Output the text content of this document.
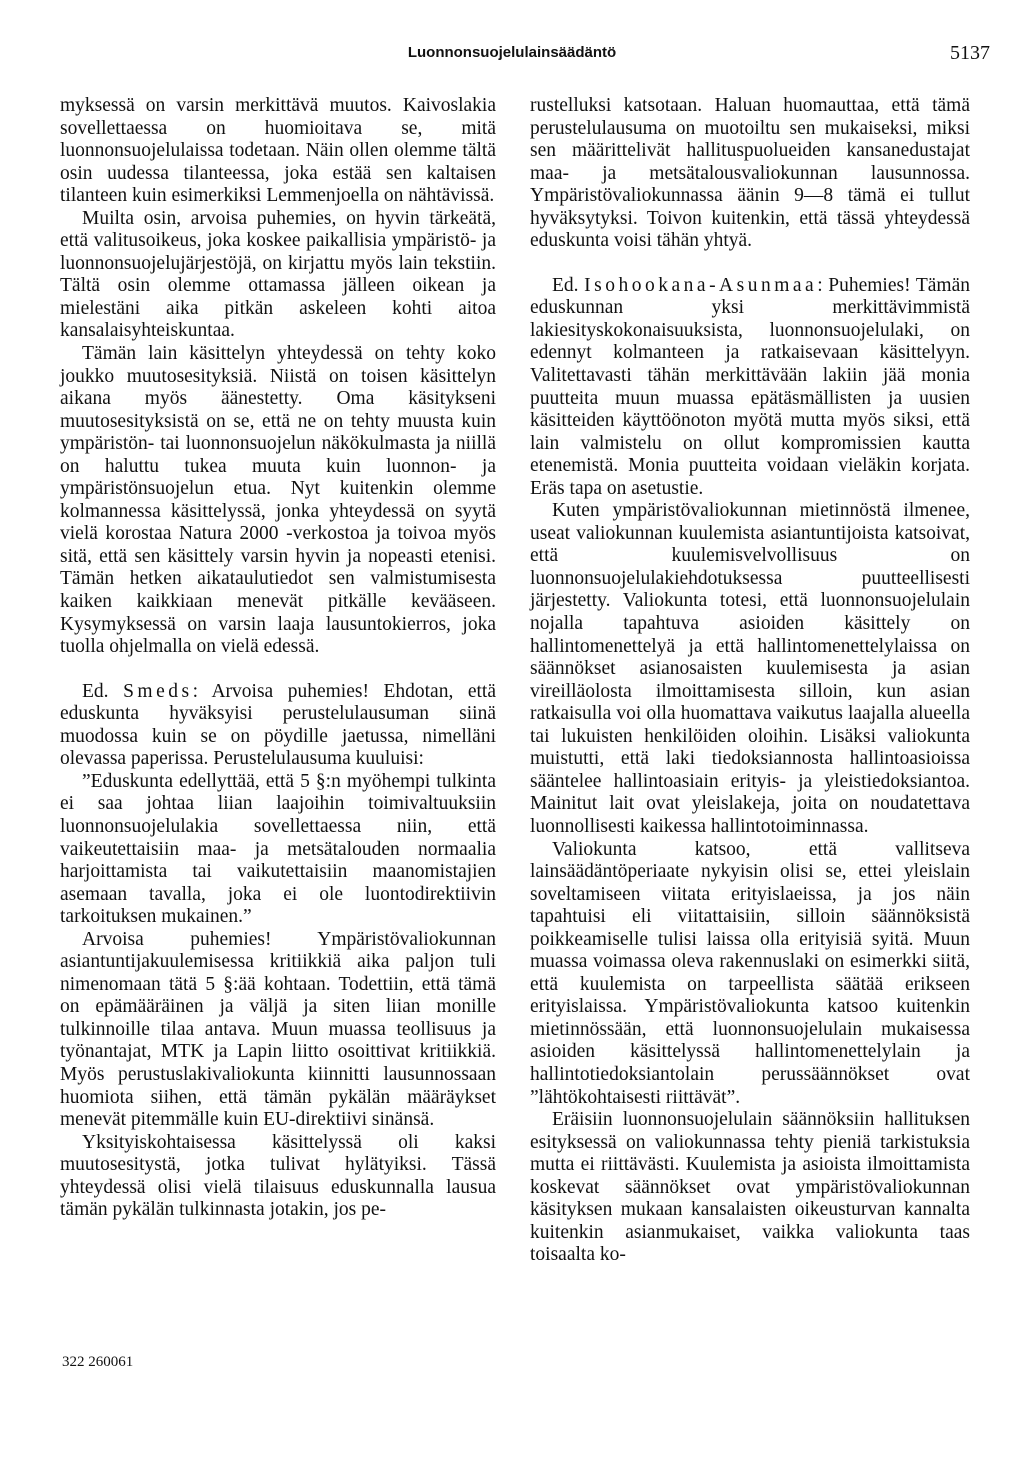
Luonnonsuojelulainsäädäntö	5137

myksessä on varsin merkittävä muutos. Kaivoslakia sovellettaessa on huomioitava se, mitä luonnonsuojelulaissa todetaan. Näin ollen olemme tältä osin uudessa tilanteessa, joka estää sen kaltaisen tilanteen kuin esimerkiksi Lemmenjoella on nähtävissä.

Muilta osin, arvoisa puhemies, on hyvin tärkeätä, että valitusoikeus, joka koskee paikallisia ympäristö- ja luonnonsuojelujärjestöjä, on kirjattu myös lain tekstiin. Tältä osin olemme ottamassa jälleen oikean ja mielestäni aika pitkän askeleen kohti aitoa kansalaisyhteiskuntaa.

Tämän lain käsittelyn yhteydessä on tehty koko joukko muutosesityksiä. Niistä on toisen käsittelyn aikana myös äänestetty. Oma käsitykseni muutosesityksistä on se, että ne on tehty muusta kuin ympäristön- tai luonnonsuojelun näkökulmasta ja niillä on haluttu tukea muuta kuin luonnon- ja ympäristönsuojelun etua. Nyt kuitenkin olemme kolmannessa käsittelyssä, jonka yhteydessä on syytä vielä korostaa Natura 2000 -verkostoa ja toivoa myös sitä, että sen käsittely varsin hyvin ja nopeasti etenisi. Tämän hetken aikataulutiedot sen valmistumisesta kaiken kaikkiaan menevät pitkälle kevääseen. Kysymyksessä on varsin laaja lausuntokierros, joka tuolla ohjelmalla on vielä edessä.

Ed. Smeds: Arvoisa puhemies! Ehdotan, että eduskunta hyväksyisi perustelulausuman siinä muodossa kuin se on pöydille jaetussa, nimelläni olevassa paperissa. Perustelulausuma kuuluisi:

”Eduskunta edellyttää, että 5 §:n myöhempi tulkinta ei saa johtaa liian laajoihin toimivaltuuksiin luonnonsuojelulakia sovellettaessa niin, että vaikeutettaisiin maa- ja metsätalouden normaalia harjoittamista tai vaikutettaisiin maanomistajien asemaan tavalla, joka ei ole luontodirektiivin tarkoituksen mukainen.”

Arvoisa puhemies! Ympäristövaliokunnan asiantuntijakuulemisessa kritiikkiä aika paljon tuli nimenomaan tätä 5 §:ää kohtaan. Todettiin, että tämä on epämääräinen ja väljä ja siten liian monille tulkinnoille tilaa antava. Muun muassa teollisuus ja työnantajat, MTK ja Lapin liitto osoittivat kritiikkiä. Myös perustuslakivaliokunta kiinnitti lausunnossaan huomiota siihen, että tämän pykälän määräykset menevät pitemmälle kuin EU-direktiivi sinänsä.

Yksityiskohtaisessa käsittelyssä oli kaksi muutosesitystä, jotka tulivat hylätyiksi. Tässä yhteydessä olisi vielä tilaisuus eduskunnalla lausua tämän pykälän tulkinnasta jotakin, jos pe-

rustelluksi katsotaan. Haluan huomauttaa, että tämä perustelulausuma on muotoiltu sen mukaiseksi, miksi sen määrittelivät hallituspuolueiden kansanedustajat maa- ja metsätalousvaliokunnan lausunnossa. Ympäristövaliokunnassa äänin 9—8 tämä ei tullut hyväksytyksi. Toivon kuitenkin, että tässä yhteydessä eduskunta voisi tähän yhtyä.

Ed. Isohookana-Asunmaa: Puhemies! Tämän eduskunnan yksi merkittävimmistä lakiesityskokonaisuuksista, luonnonsuojelulaki, on edennyt kolmanteen ja ratkaisevaan käsittelyyn. Valitettavasti tähän merkittävään lakiin jää monia puutteita muun muassa epätäsmällisten ja uusien käsitteiden käyttöönoton myötä mutta myös siksi, että lain valmistelu on ollut kompromissien kautta etenemistä. Monia puutteita voidaan vieläkin korjata. Eräs tapa on asetustie.

Kuten ympäristövaliokunnan mietinnöstä ilmenee, useat valiokunnan kuulemista asiantuntijoista katsoivat, että kuulemisvelvollisuus on luonnonsuojelulakiehdotuksessa puutteellisesti järjestetty. Valiokunta totesi, että luonnonsuojelulain nojalla tapahtuva asioiden käsittely on hallintomenettelyä ja että hallintomenettelylaissa on säännökset asianosaisten kuulemisesta ja asian vireilläolosta ilmoittamisesta silloin, kun asian ratkaisulla voi olla huomattava vaikutus laajalla alueella tai lukuisten henkilöiden oloihin. Lisäksi valiokunta muistutti, että laki tiedoksiannosta hallintoasioissa sääntelee hallintoasiain erityis- ja yleistiedoksiantoa. Mainitut lait ovat yleislakeja, joita on noudatettava luonnollisesti kaikessa hallintotoiminnassa.

Valiokunta katsoo, että vallitseva lainsäädäntöperiaate nykyisin olisi se, ettei yleislain soveltamiseen viitata erityislaeissa, ja jos näin tapahtuisi eli viitattaisiin, silloin säännöksistä poikkeamiselle tulisi laissa olla erityisiä syitä. Muun muassa voimassa oleva rakennuslaki on esimerkki siitä, että kuulemista on tarpeellista säätää erikseen erityislaissa. Ympäristövaliokunta katsoo kuitenkin mietinnössään, että luonnonsuojelulain mukaisessa asioiden käsittelyssä hallintomenettelylain ja hallintotiedoksiantolain perussäännökset ovat ”lähtökohtaisesti riittävät”.

Eräisiin luonnonsuojelulain säännöksiin hallituksen esityksessä on valiokunnassa tehty pieniä tarkistuksia mutta ei riittävästi. Kuulemista ja asioista ilmoittamista koskevat säännökset ovat ympäristövaliokunnan käsityksen mukaan kansalaisten oikeusturvan kannalta kuitenkin asianmukaiset, vaikka valiokunta taas toisaalta ko-

322 260061
